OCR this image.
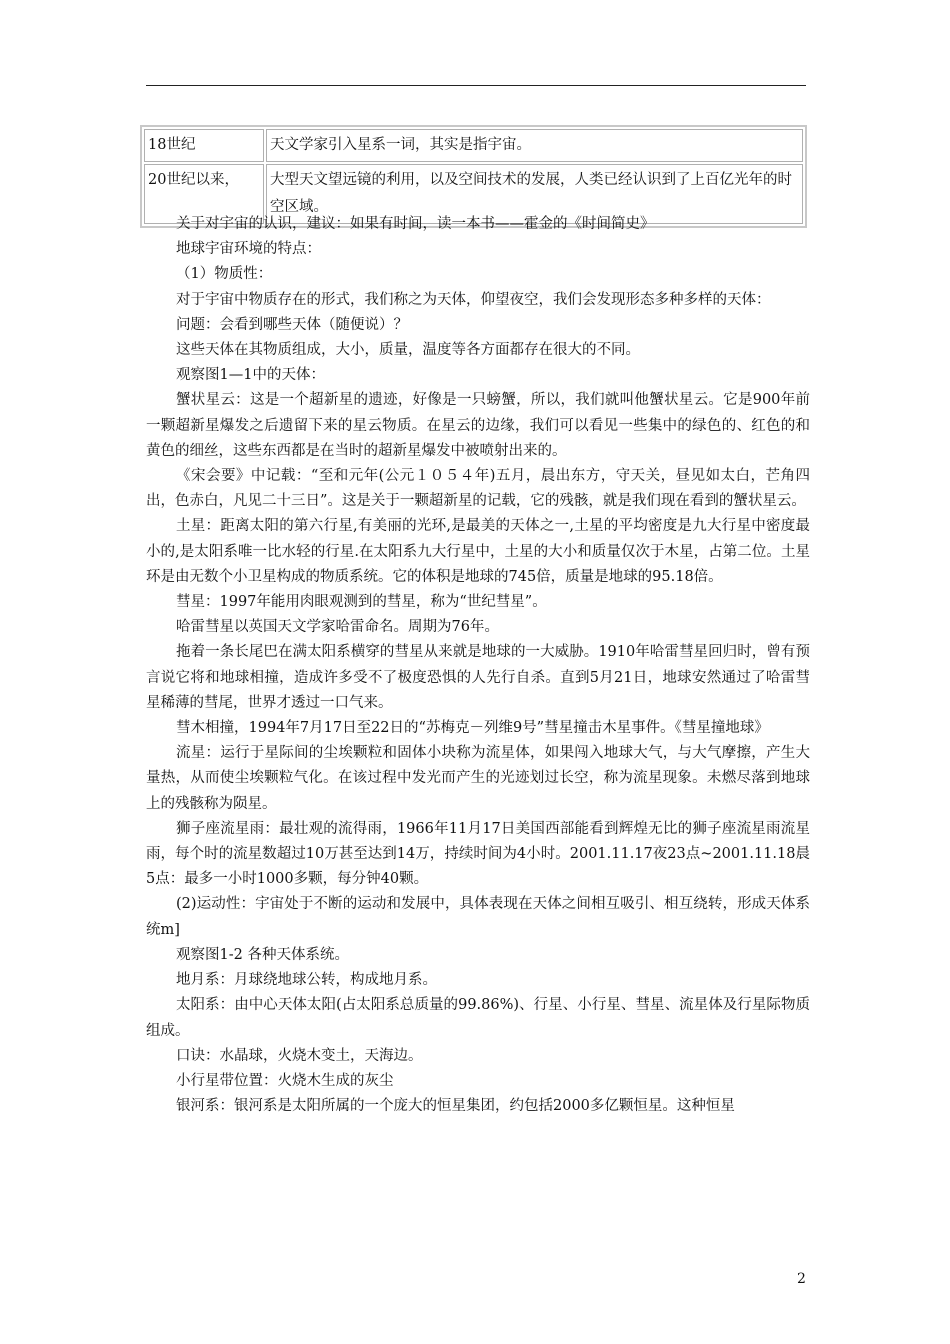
18世纪	天文学家引入星系一词，其实是指宇宙。
20世纪以来，	大型天文望远镜的利用，以及空间技术的发展，人类已经认识到了上百亿光年的时空区域。

关于对宇宙的认识，建议：如果有时间，读一本书——霍金的《时间简史》

地球宇宙环境的特点：

（1）物质性：

对于宇宙中物质存在的形式，我们称之为天体，仰望夜空，我们会发现形态多种多样的天体：

问题：会看到哪些天体（随便说）？

这些天体在其物质组成，大小，质量，温度等各方面都存在很大的不同。

观察图1—1中的天体：

蟹状星云：这是一个超新星的遗迹，好像是一只螃蟹，所以，我们就叫他蟹状星云。它是900年前一颗超新星爆发之后遗留下来的星云物质。在星云的边缘，我们可以看见一些集中的绿色的、红色的和黄色的细丝，这些东西都是在当时的超新星爆发中被喷射出来的。

《宋会要》中记载：“至和元年(公元１０５４年)五月，晨出东方，守天关，昼见如太白，芒角四出，色赤白，凡见二十三日”。这是关于一颗超新星的记载，它的残骸，就是我们现在看到的蟹状星云。

土星：距离太阳的第六行星,有美丽的光环,是最美的天体之一,土星的平均密度是九大行星中密度最小的,是太阳系唯一比水轻的行星.在太阳系九大行星中，土星的大小和质量仅次于木星，占第二位。土星环是由无数个小卫星构成的物质系统。它的体积是地球的745倍，质量是地球的95.18倍。

彗星：1997年能用肉眼观测到的彗星，称为“世纪彗星”。

哈雷彗星以英国天文学家哈雷命名。周期为76年。

拖着一条长尾巴在满太阳系横穿的彗星从来就是地球的一大威胁。1910年哈雷彗星回归时，曾有预言说它将和地球相撞，造成许多受不了极度恐惧的人先行自杀。直到5月21日，地球安然通过了哈雷彗星稀薄的彗尾，世界才透过一口气来。

彗木相撞，1994年7月17日至22日的“苏梅克－列维9号”彗星撞击木星事件。《彗星撞地球》

流星：运行于星际间的尘埃颗粒和固体小块称为流星体，如果闯入地球大气，与大气摩擦，产生大量热，从而使尘埃颗粒气化。在该过程中发光而产生的光迹划过长空，称为流星现象。未燃尽落到地球上的残骸称为陨星。

狮子座流星雨：最壮观的流得雨，1966年11月17日美国西部能看到辉煌无比的狮子座流星雨流星雨，每个时的流星数超过10万甚至达到14万，持续时间为4小时。2001.11.17夜23点~2001.11.18晨5点：最多一小时1000多颗，每分钟40颗。

(2)运动性：宇宙处于不断的运动和发展中，具体表现在天体之间相互吸引、相互绕转，形成天体系统m]

观察图1-2 各种天体系统。

地月系：月球绕地球公转，构成地月系。

太阳系：由中心天体太阳(占太阳系总质量的99.86%)、行星、小行星、彗星、流星体及行星际物质组成。

口诀：水晶球，火烧木变土，天海边。

小行星带位置：火烧木生成的灰尘

银河系：银河系是太阳所属的一个庞大的恒星集团，约包括2000多亿颗恒星。这种恒星

2
